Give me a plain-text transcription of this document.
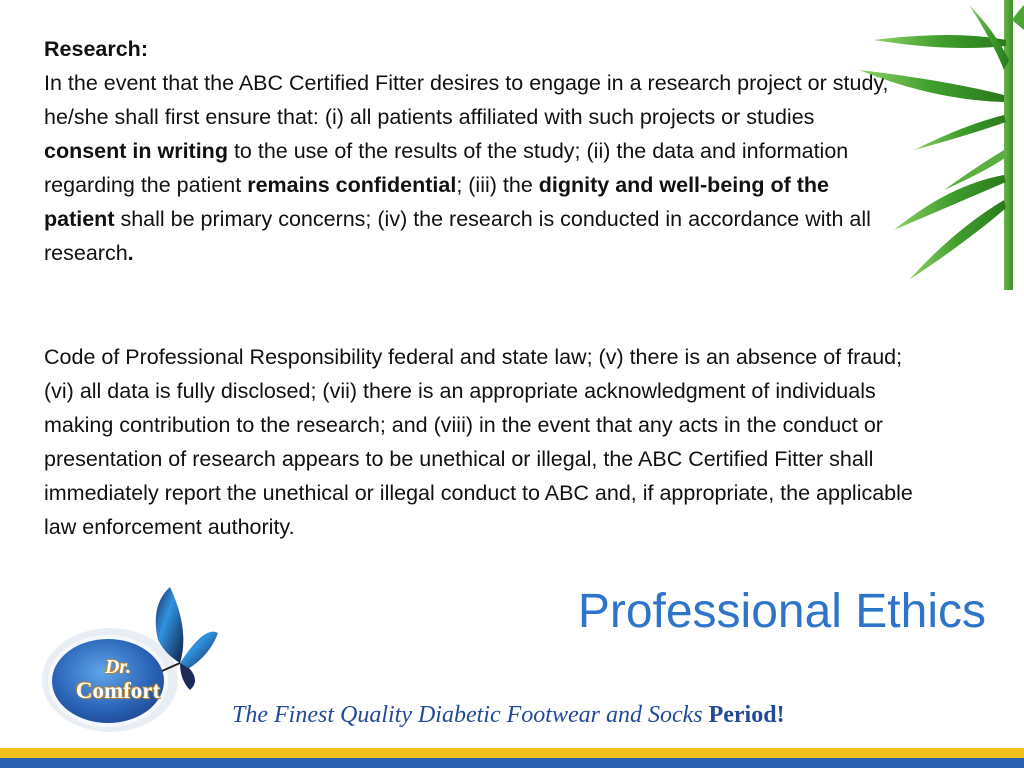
Research:
In the event that the ABC Certified Fitter desires to engage in a research project or study, he/she shall first ensure that: (i) all patients affiliated with such projects or studies consent in writing to the use of the results of the study; (ii) the data and information regarding the patient remains confidential; (iii) the dignity and well-being of the patient shall be primary concerns; (iv) the research is conducted in accordance with all research.

Code of Professional Responsibility federal and state law; (v) there is an absence of fraud; (vi) all data is fully disclosed; (vii) there is an appropriate acknowledgment of individuals making contribution to the research; and (viii) in the event that any acts in the conduct or presentation of research appears to be unethical or illegal, the ABC Certified Fitter shall immediately report the unethical or illegal conduct to ABC and, if appropriate, the applicable law enforcement authority.

Professional Ethics
Dr.
Comfort
The Finest Quality Diabetic Footwear and Socks Period!
